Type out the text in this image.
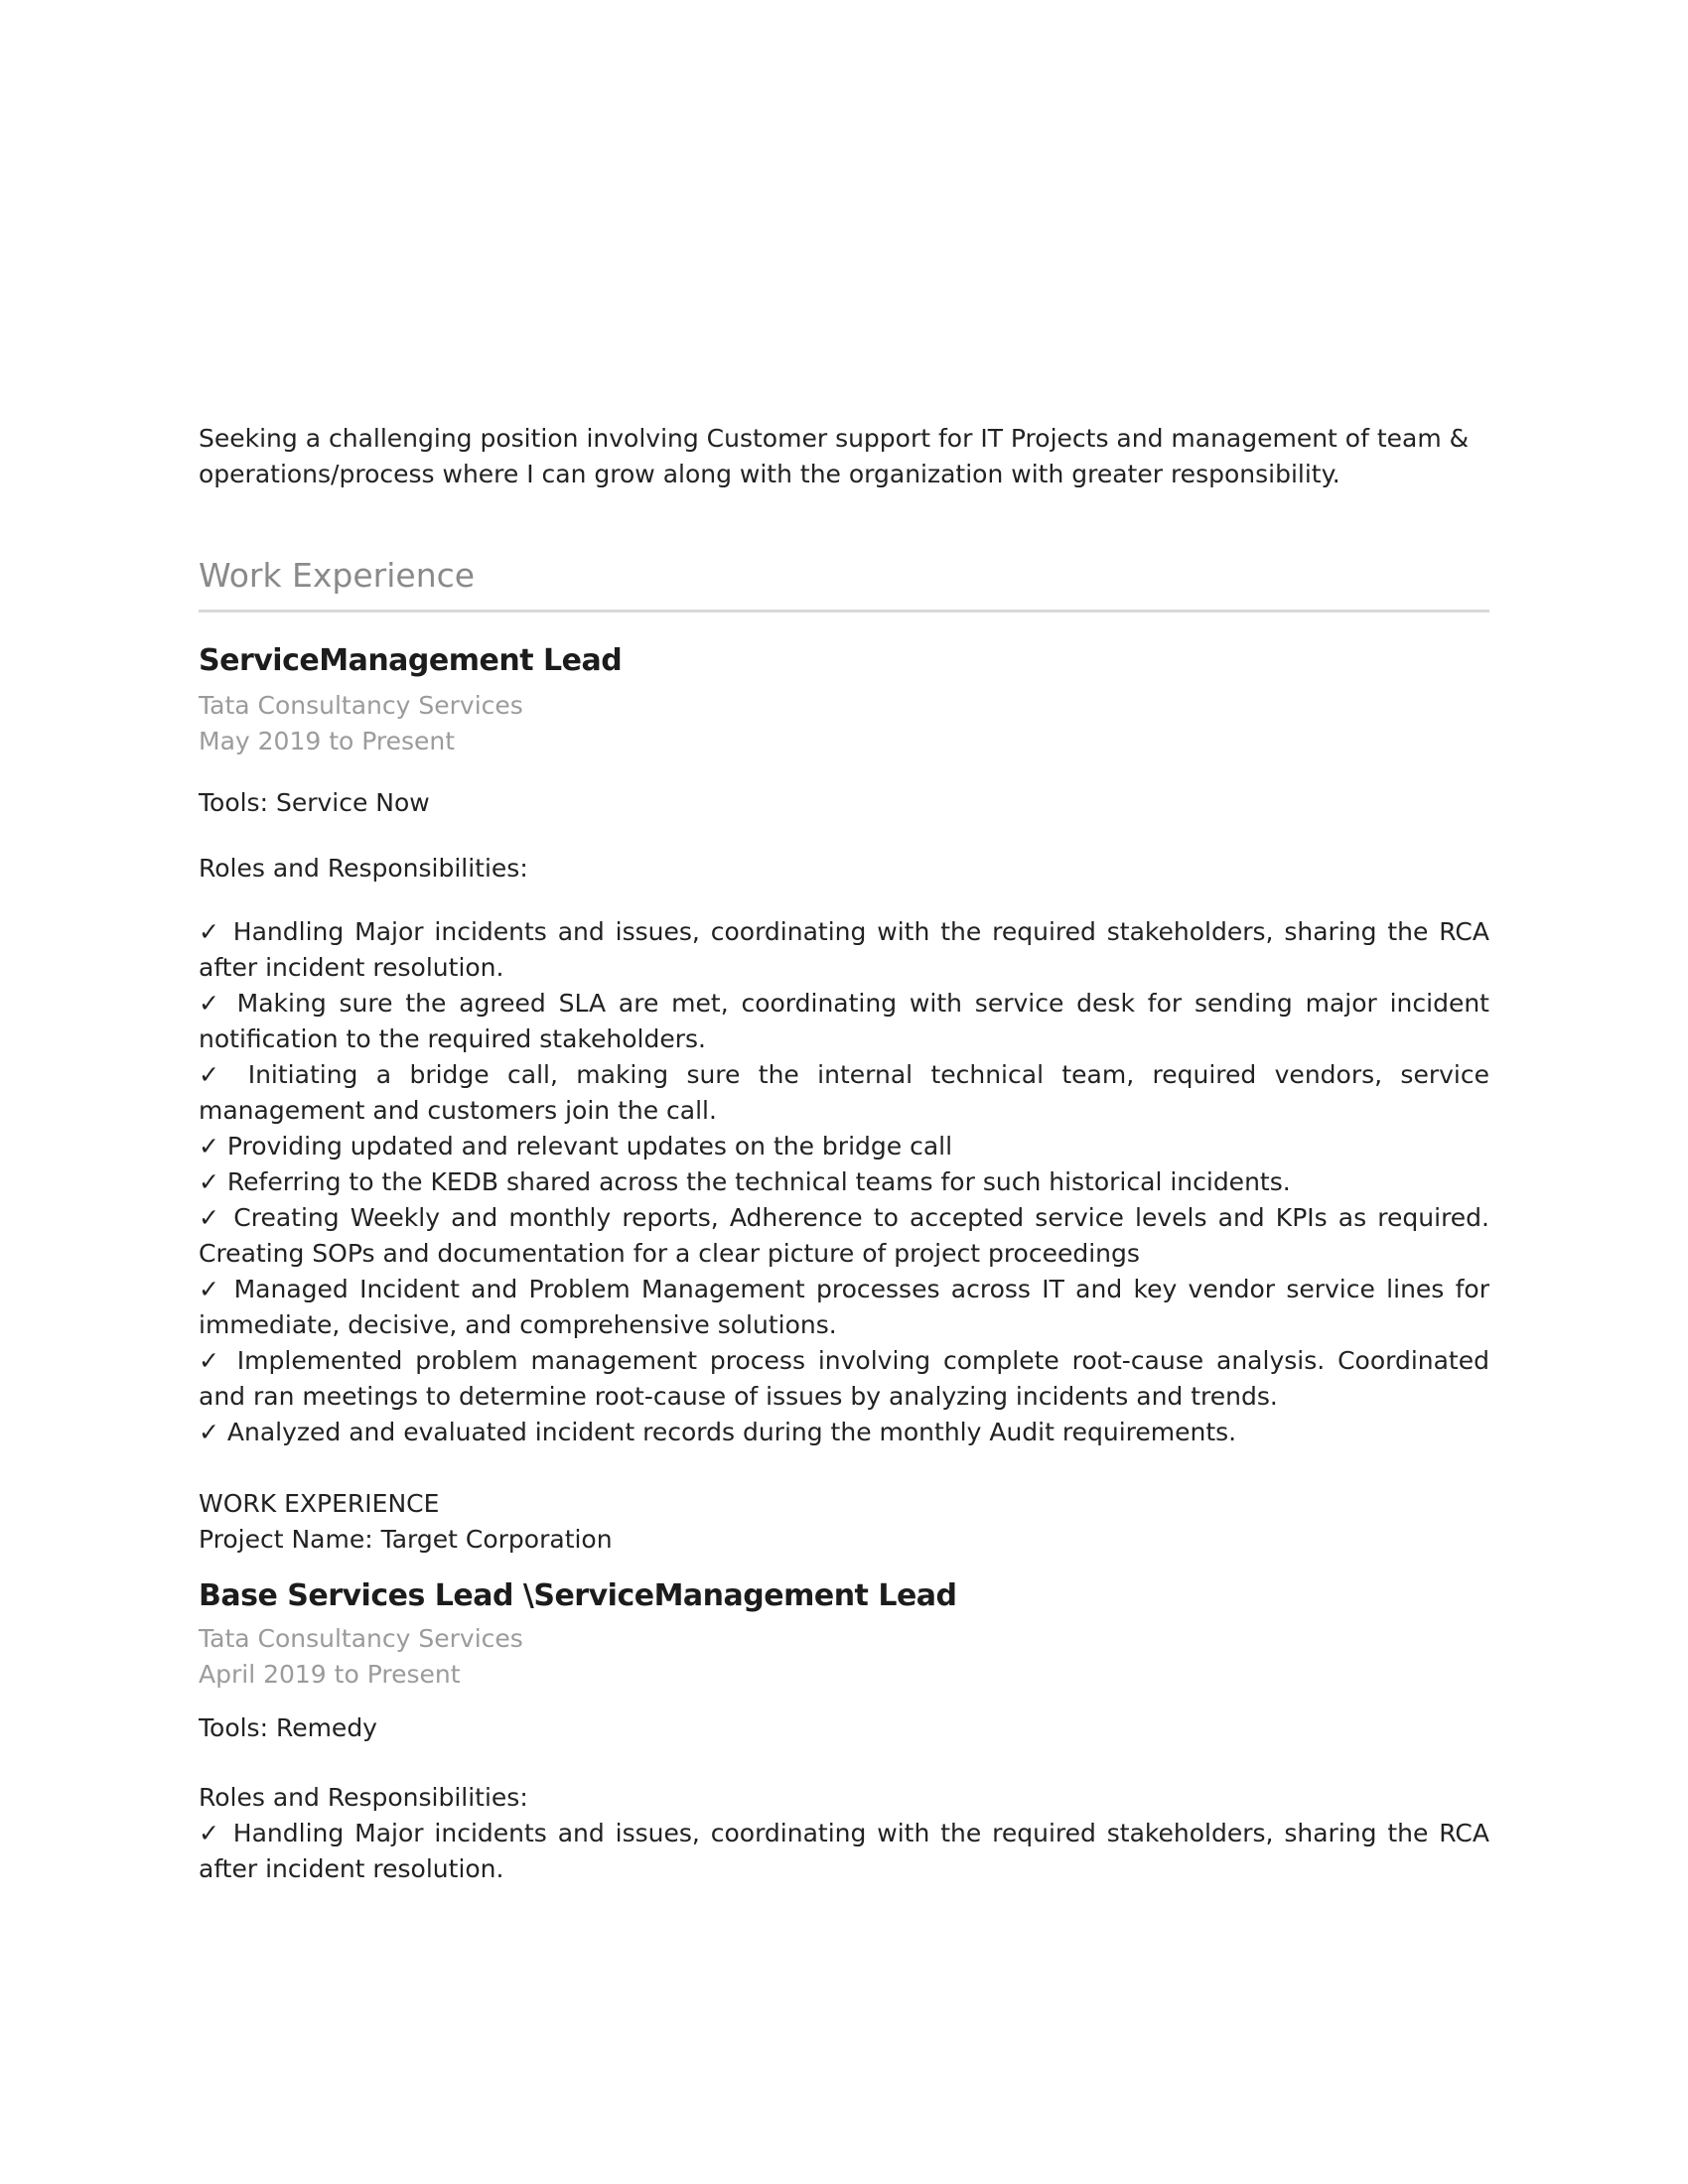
Seeking a challenging position involving Customer support for IT Projects and management of team & operations/process where I can grow along with the organization with greater responsibility.

Work Experience
ServiceManagement Lead

Tata Consultancy Services

May 2019 to Present

Tools: Service Now

Roles and Responsibilities:

✓ Handling Major incidents and issues, coordinating with the required stakeholders, sharing the RCA after incident resolution.

✓ Making sure the agreed SLA are met, coordinating with service desk for sending major incident notification to the required stakeholders.

✓ Initiating a bridge call, making sure the internal technical team, required vendors, service management and customers join the call.

✓ Providing updated and relevant updates on the bridge call

✓ Referring to the KEDB shared across the technical teams for such historical incidents.

✓ Creating Weekly and monthly reports, Adherence to accepted service levels and KPIs as required. Creating SOPs and documentation for a clear picture of project proceedings

✓ Managed Incident and Problem Management processes across IT and key vendor service lines for immediate, decisive, and comprehensive solutions.

✓ Implemented problem management process involving complete root-cause analysis. Coordinated and ran meetings to determine root-cause of issues by analyzing incidents and trends.

✓ Analyzed and evaluated incident records during the monthly Audit requirements.

WORK EXPERIENCE

Project Name: Target Corporation

Base Services Lead \ServiceManagement Lead

Tata Consultancy Services

April 2019 to Present

Tools: Remedy

Roles and Responsibilities:

✓ Handling Major incidents and issues, coordinating with the required stakeholders, sharing the RCA after incident resolution.
